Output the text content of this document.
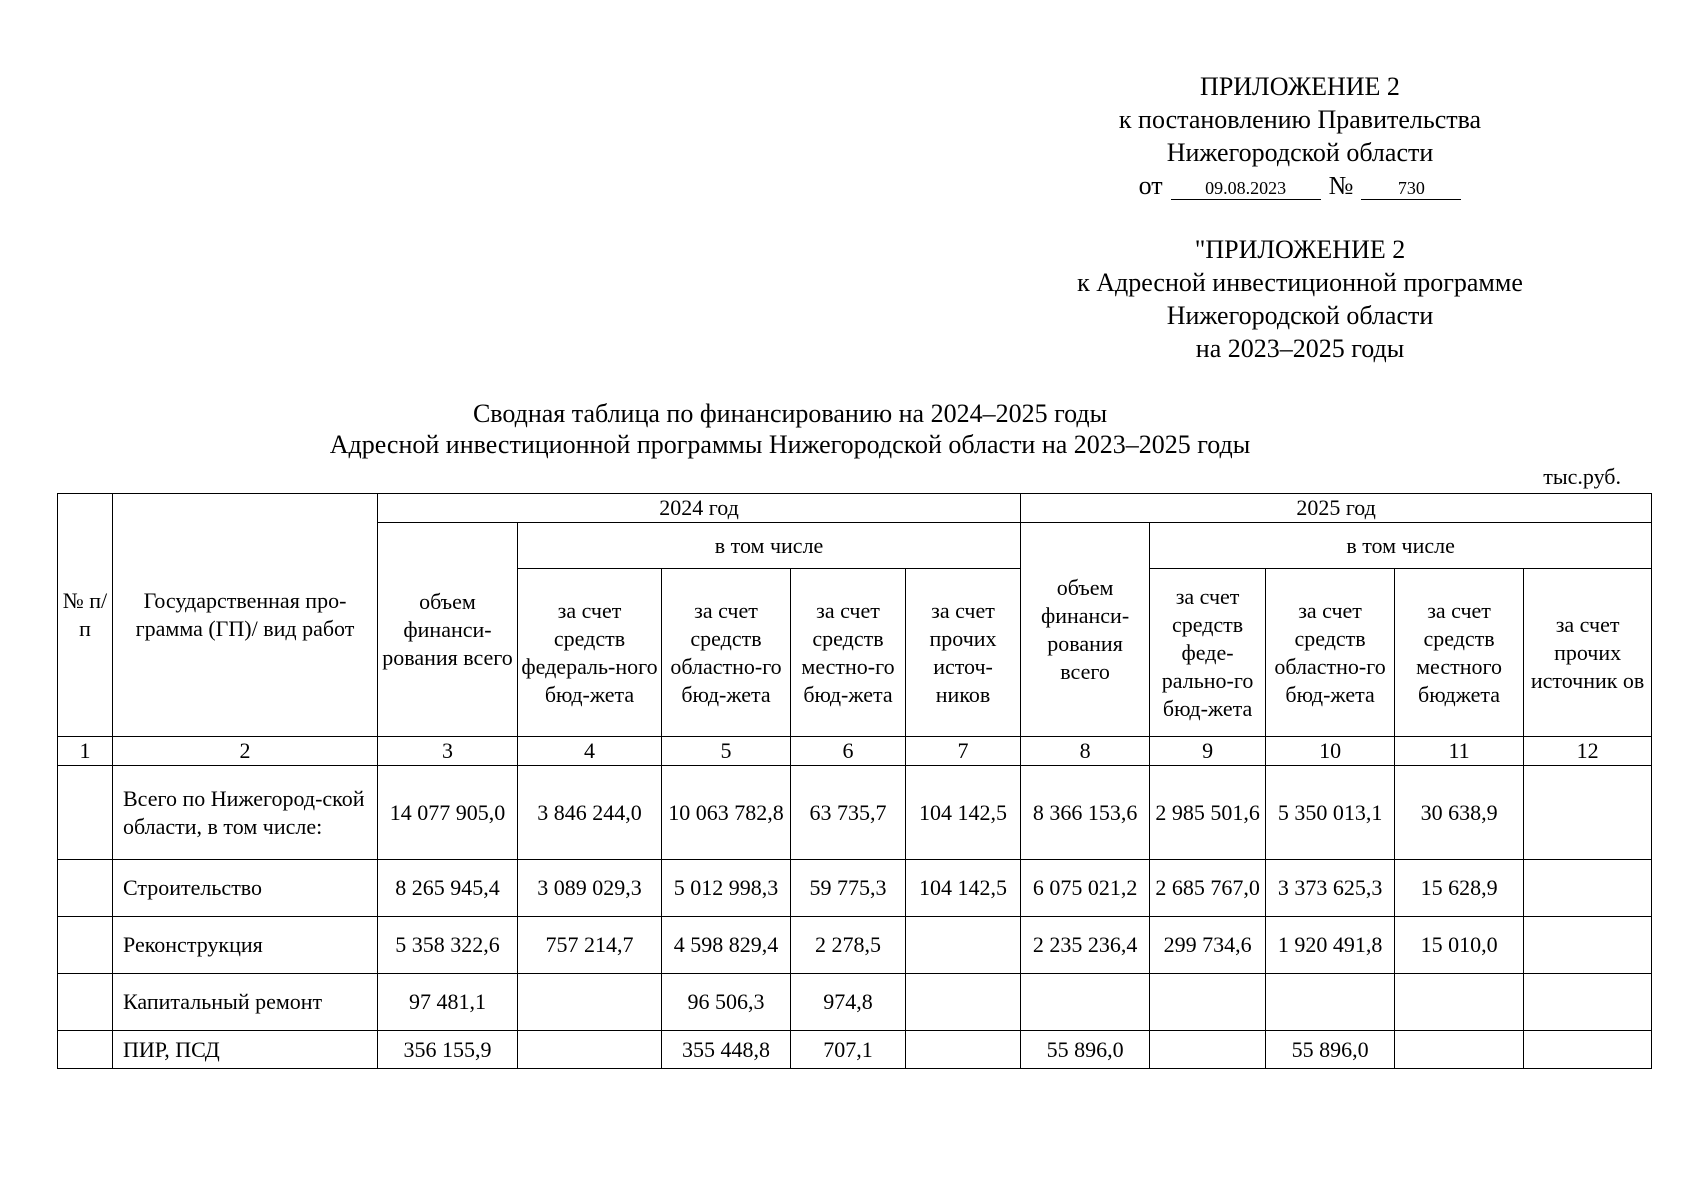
ПРИЛОЖЕНИЕ 2
к постановлению Правительства
Нижегородской области
от	09.08.2023	№	730
"ПРИЛОЖЕНИЕ 2
к Адресной инвестиционной программе
Нижегородской области
на 2023–2025 годы
Сводная таблица по финансированию на 2024–2025 годы
Адресной инвестиционной программы Нижегородской области на 2023–2025 годы
тыс.руб.
№ п/п	Государственная про-грамма (ГП)/ вид работ	2024 год					2025 год				
		объем финанси-рования всего	в том числе				объем финанси-рования всего	в том числе			
			за счет средств федераль-ного бюд-жета	за счет средств областно-го бюд-жета	за счет средств местно-го бюд-жета	за счет прочих источ-ников		за счет средств феде-рально-го бюд-жета	за счет средств областно-го бюд-жета	за счет средств местного бюджета	за счет прочих источник ов
1	2	3	4	5	6	7	8	9	10	11	12
	Всего по Нижегород-ской области, в том числе:	14 077 905,0	3 846 244,0	10 063 782,8	63 735,7	104 142,5	8 366 153,6	2 985 501,6	5 350 013,1	30 638,9	
	Строительство	8 265 945,4	3 089 029,3	5 012 998,3	59 775,3	104 142,5	6 075 021,2	2 685 767,0	3 373 625,3	15 628,9	
	Реконструкция	5 358 322,6	757 214,7	4 598 829,4	2 278,5		2 235 236,4	299 734,6	1 920 491,8	15 010,0	
	Капитальный ремонт	97 481,1		96 506,3	974,8						
	ПИР, ПСД	356 155,9		355 448,8	707,1		55 896,0		55 896,0		
